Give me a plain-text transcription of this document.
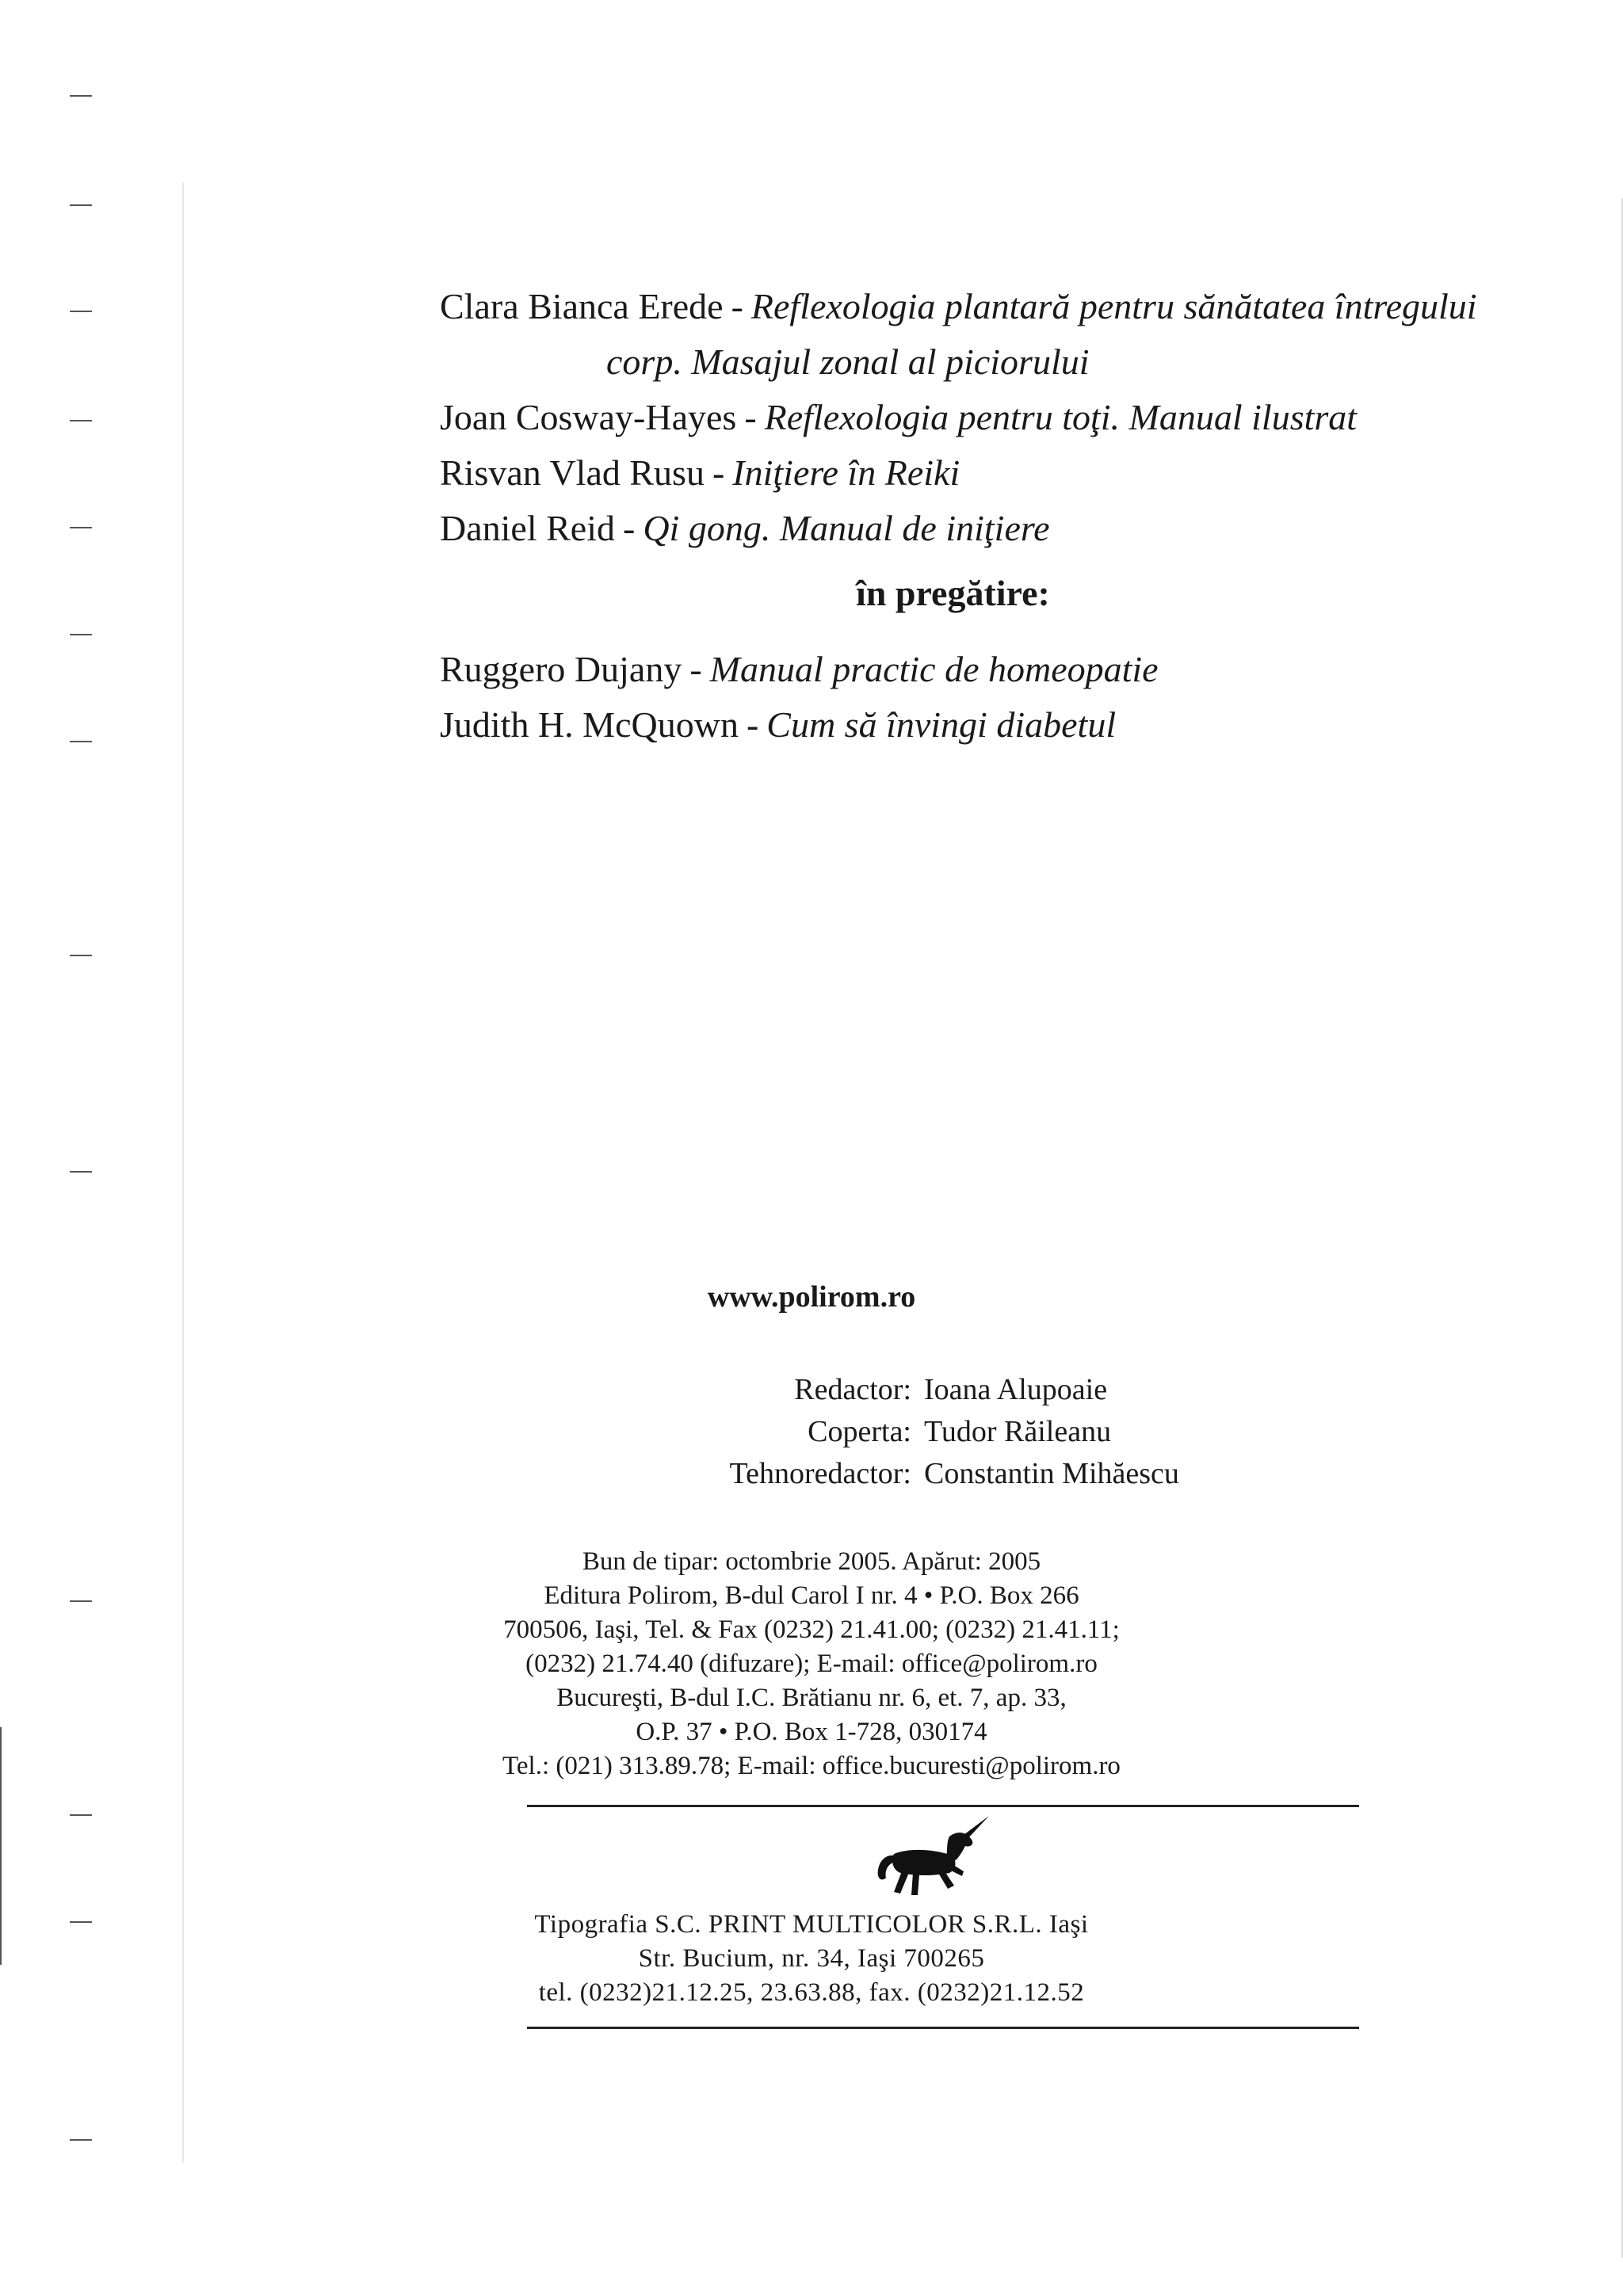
Clara Bianca Erede - Reflexologia plantară pentru sănătatea întregului
corp. Masajul zonal al piciorului
Joan Cosway-Hayes - Reflexologia pentru toţi. Manual ilustrat
Risvan Vlad Rusu - Iniţiere în Reiki
Daniel Reid - Qi gong. Manual de iniţiere
în pregătire:
Ruggero Dujany - Manual practic de homeopatie
Judith H. McQuown - Cum să învingi diabetul
www.polirom.ro
Redactor: Ioana Alupoaie
Coperta: Tudor Răileanu
Tehnoredactor: Constantin Mihăescu
Bun de tipar: octombrie 2005. Apărut: 2005
Editura Polirom, B-dul Carol I nr. 4 • P.O. Box 266
700506, Iaşi, Tel. & Fax (0232) 21.41.00; (0232) 21.41.11;
(0232) 21.74.40 (difuzare); E-mail: office@polirom.ro
Bucureşti, B-dul I.C. Brătianu nr. 6, et. 7, ap. 33,
O.P. 37 • P.O. Box 1-728, 030174
Tel.: (021) 313.89.78; E-mail: office.bucuresti@polirom.ro
Tipografia S.C. PRINT MULTICOLOR S.R.L. Iaşi
Str. Bucium, nr. 34, Iaşi 700265
tel. (0232)21.12.25, 23.63.88, fax. (0232)21.12.52
